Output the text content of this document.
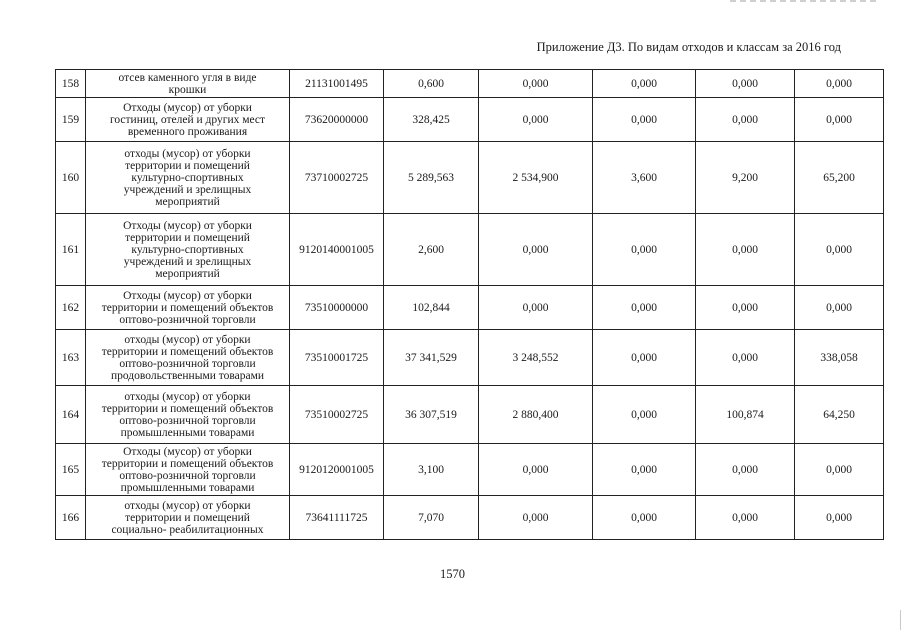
Приложение Д3. По видам отходов и классам за 2016 год
158	отсев каменного угля в виде
крошки	21131001495	0,600	0,000	0,000	0,000	0,000
159	Отходы (мусор) от уборки
гостиниц, отелей и других мест
временного проживания	73620000000	328,425	0,000	0,000	0,000	0,000
160	отходы (мусор) от уборки
территории и помещений
культурно-спортивных
учреждений и зрелищных
мероприятий	73710002725	5 289,563	2 534,900	3,600	9,200	65,200
161	Отходы (мусор) от уборки
территории и помещений
культурно-спортивных
учреждений и зрелищных
мероприятий	9120140001005	2,600	0,000	0,000	0,000	0,000
162	Отходы (мусор) от уборки
территории и помещений объектов
оптово-розничной торговли	73510000000	102,844	0,000	0,000	0,000	0,000
163	отходы (мусор) от уборки
территории и помещений объектов
оптово-розничной торговли
продовольственными товарами	73510001725	37 341,529	3 248,552	0,000	0,000	338,058
164	отходы (мусор) от уборки
территории и помещений объектов
оптово-розничной торговли
промышленными товарами	73510002725	36 307,519	2 880,400	0,000	100,874	64,250
165	Отходы (мусор) от уборки
территории и помещений объектов
оптово-розничной торговли
промышленными товарами	9120120001005	3,100	0,000	0,000	0,000	0,000
166	отходы (мусор) от уборки
территории и помещений
социально- реабилитационных	73641111725	7,070	0,000	0,000	0,000	0,000
1570
